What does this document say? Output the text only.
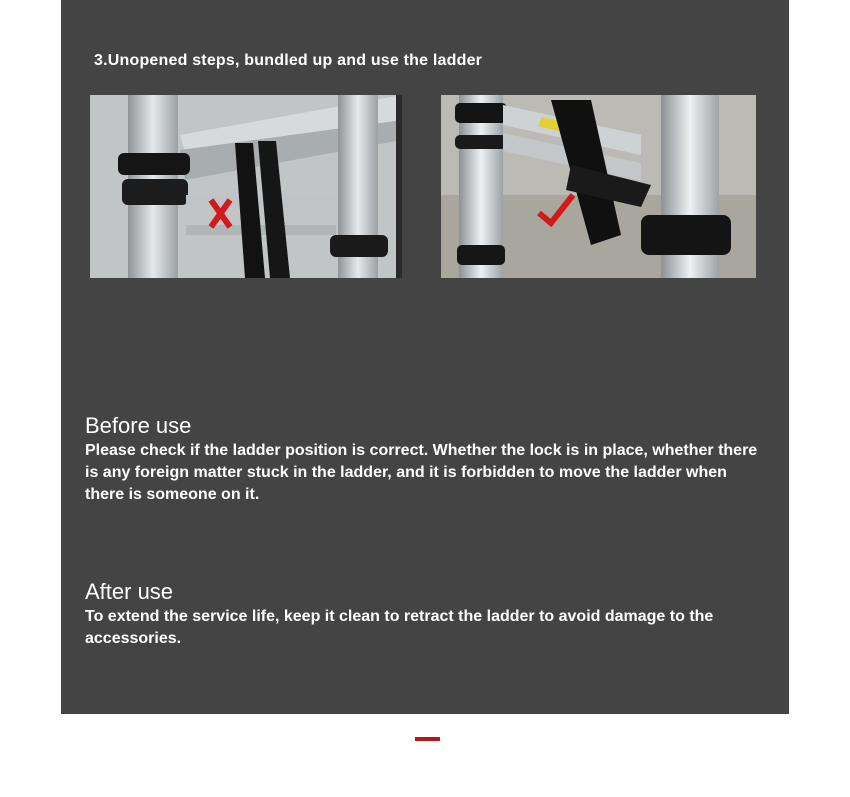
3.Unopened steps, bundled up and use the ladder
Before use

Please check if the ladder position is correct. Whether the lock is in place, whether there is any foreign matter stuck in the ladder, and it is forbidden to move the ladder when there is someone on it.

After use

To extend the service life, keep it clean to retract the ladder to avoid damage to the accessories.
